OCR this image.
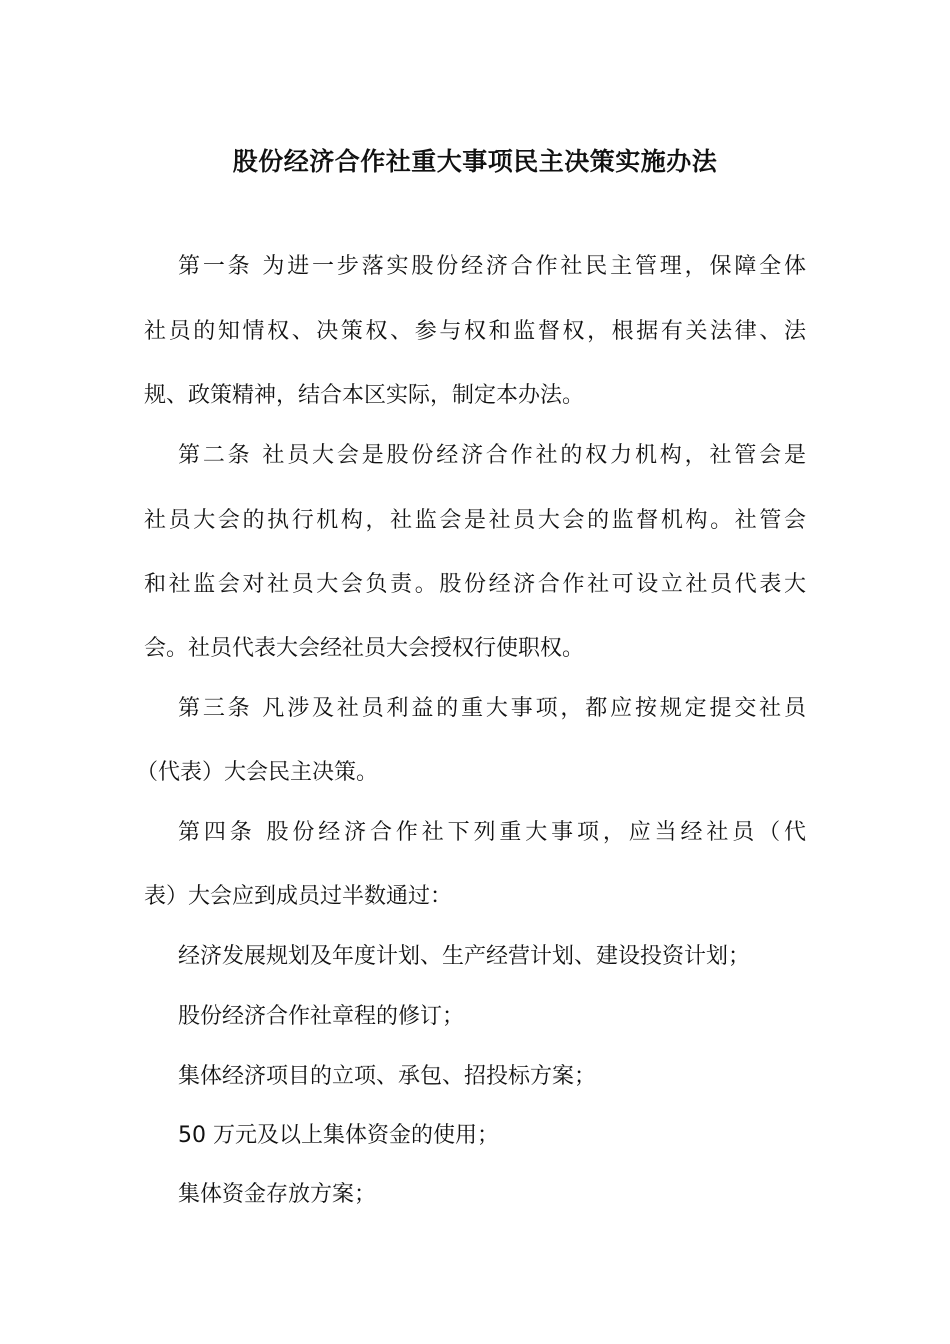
股份经济合作社重大事项民主决策实施办法
第一条 为进一步落实股份经济合作社民主管理，保障全体
社员的知情权、决策权、参与权和监督权，根据有关法律、法
规、政策精神，结合本区实际，制定本办法。
第二条 社员大会是股份经济合作社的权力机构，社管会是
社员大会的执行机构，社监会是社员大会的监督机构。社管会
和社监会对社员大会负责。股份经济合作社可设立社员代表大
会。社员代表大会经社员大会授权行使职权。
第三条 凡涉及社员利益的重大事项，都应按规定提交社员
（代表）大会民主决策。
第四条 股份经济合作社下列重大事项，应当经社员（代
表）大会应到成员过半数通过：
经济发展规划及年度计划、生产经营计划、建设投资计划；
股份经济合作社章程的修订；
集体经济项目的立项、承包、招投标方案；
50 万元及以上集体资金的使用；
集体资金存放方案；
